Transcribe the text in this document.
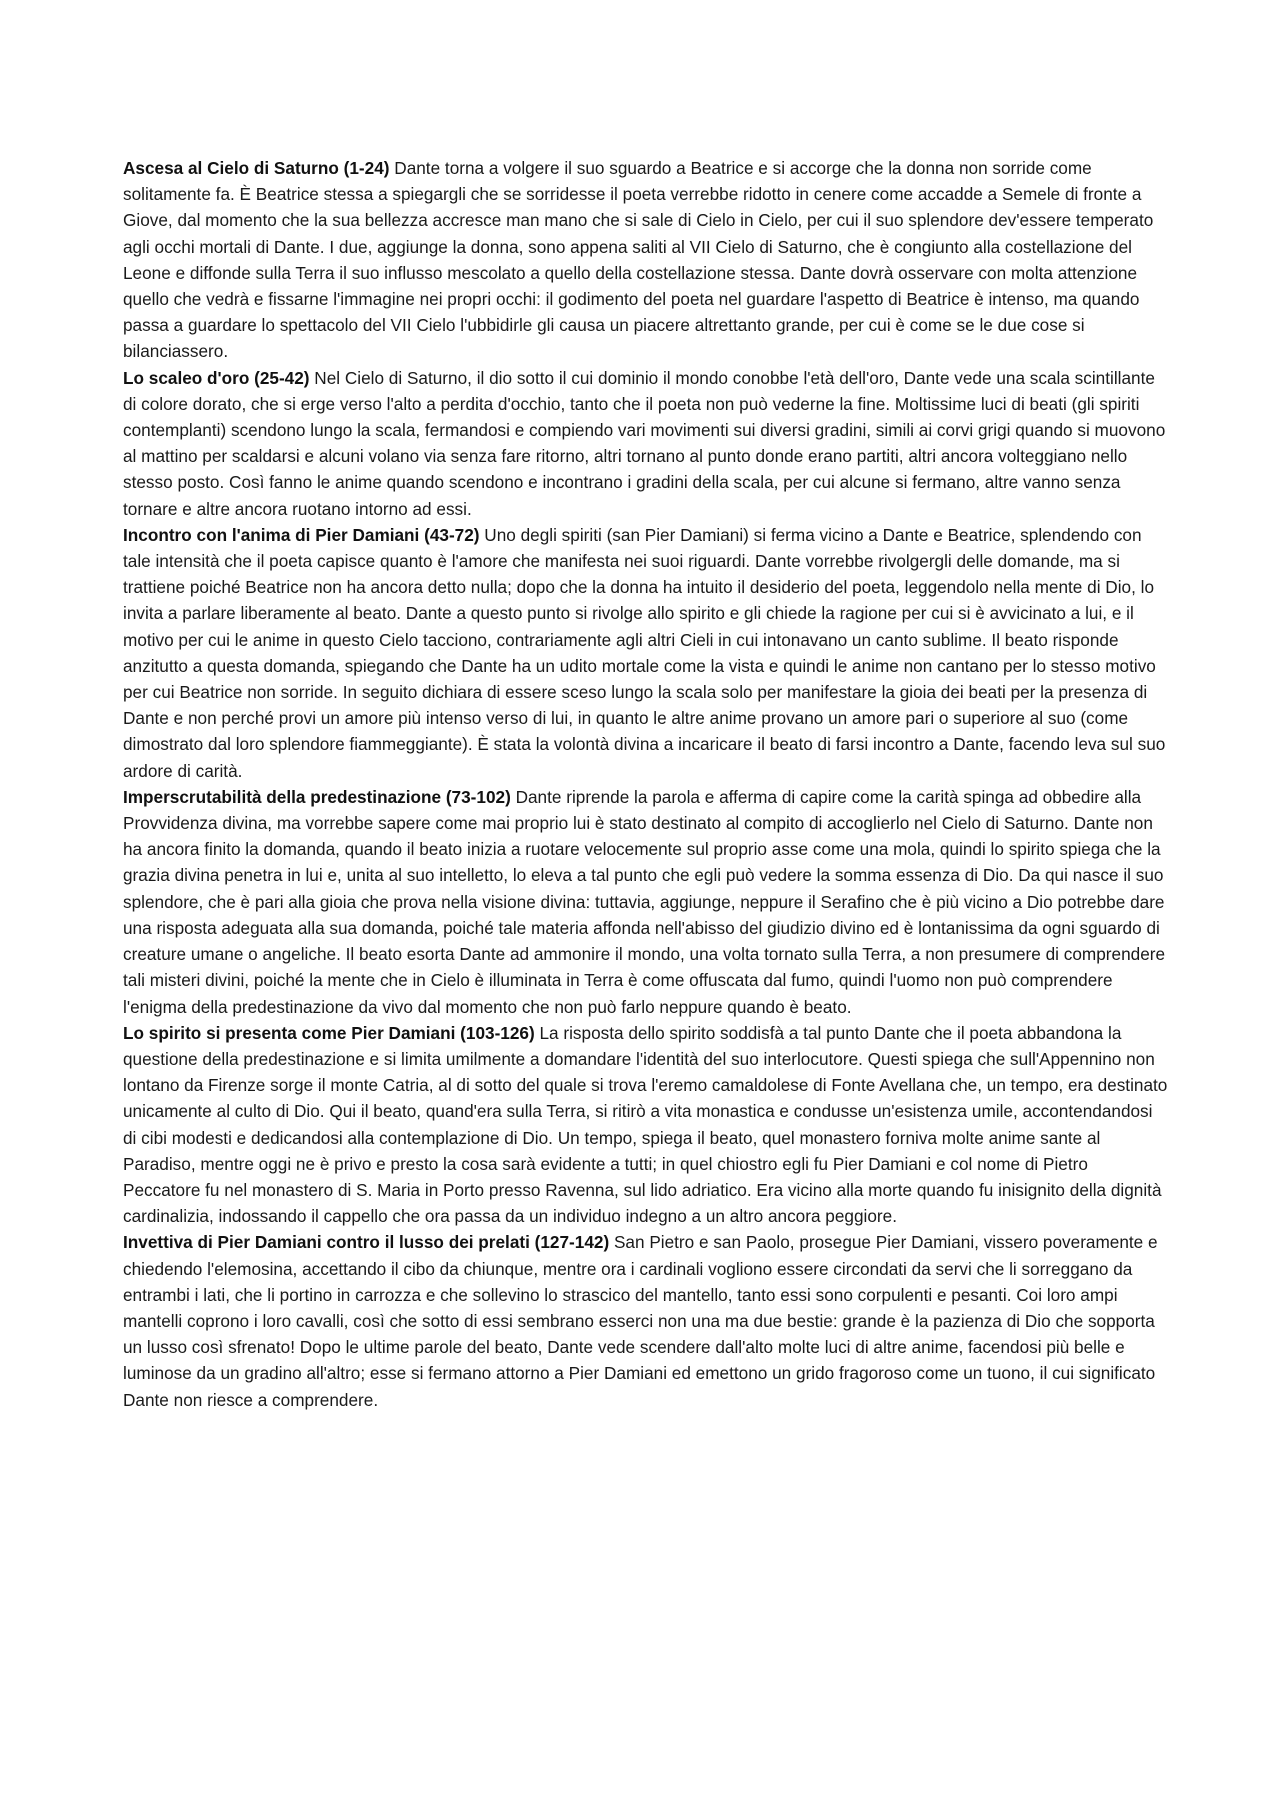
Ascesa al Cielo di Saturno (1-24) Dante torna a volgere il suo sguardo a Beatrice e si accorge che la donna non sorride come solitamente fa. È Beatrice stessa a spiegargli che se sorridesse il poeta verrebbe ridotto in cenere come accadde a Semele di fronte a Giove, dal momento che la sua bellezza accresce man mano che si sale di Cielo in Cielo, per cui il suo splendore dev'essere temperato agli occhi mortali di Dante. I due, aggiunge la donna, sono appena saliti al VII Cielo di Saturno, che è congiunto alla costellazione del Leone e diffonde sulla Terra il suo influsso mescolato a quello della costellazione stessa. Dante dovrà osservare con molta attenzione quello che vedrà e fissarne l'immagine nei propri occhi: il godimento del poeta nel guardare l'aspetto di Beatrice è intenso, ma quando passa a guardare lo spettacolo del VII Cielo l'ubbidirle gli causa un piacere altrettanto grande, per cui è come se le due cose si bilanciassero.

Lo scaleo d'oro (25-42) Nel Cielo di Saturno, il dio sotto il cui dominio il mondo conobbe l'età dell'oro, Dante vede una scala scintillante di colore dorato, che si erge verso l'alto a perdita d'occhio, tanto che il poeta non può vederne la fine. Moltissime luci di beati (gli spiriti contemplanti) scendono lungo la scala, fermandosi e compiendo vari movimenti sui diversi gradini, simili ai corvi grigi quando si muovono al mattino per scaldarsi e alcuni volano via senza fare ritorno, altri tornano al punto donde erano partiti, altri ancora volteggiano nello stesso posto. Così fanno le anime quando scendono e incontrano i gradini della scala, per cui alcune si fermano, altre vanno senza tornare e altre ancora ruotano intorno ad essi.

Incontro con l'anima di Pier Damiani (43-72) Uno degli spiriti (san Pier Damiani) si ferma vicino a Dante e Beatrice, splendendo con tale intensità che il poeta capisce quanto è l'amore che manifesta nei suoi riguardi. Dante vorrebbe rivolgergli delle domande, ma si trattiene poiché Beatrice non ha ancora detto nulla; dopo che la donna ha intuito il desiderio del poeta, leggendolo nella mente di Dio, lo invita a parlare liberamente al beato. Dante a questo punto si rivolge allo spirito e gli chiede la ragione per cui si è avvicinato a lui, e il motivo per cui le anime in questo Cielo tacciono, contrariamente agli altri Cieli in cui intonavano un canto sublime. Il beato risponde anzitutto a questa domanda, spiegando che Dante ha un udito mortale come la vista e quindi le anime non cantano per lo stesso motivo per cui Beatrice non sorride. In seguito dichiara di essere sceso lungo la scala solo per manifestare la gioia dei beati per la presenza di Dante e non perché provi un amore più intenso verso di lui, in quanto le altre anime provano un amore pari o superiore al suo (come dimostrato dal loro splendore fiammeggiante). È stata la volontà divina a incaricare il beato di farsi incontro a Dante, facendo leva sul suo ardore di carità.

Imperscrutabilità della predestinazione (73-102) Dante riprende la parola e afferma di capire come la carità spinga ad obbedire alla Provvidenza divina, ma vorrebbe sapere come mai proprio lui è stato destinato al compito di accoglierlo nel Cielo di Saturno. Dante non ha ancora finito la domanda, quando il beato inizia a ruotare velocemente sul proprio asse come una mola, quindi lo spirito spiega che la grazia divina penetra in lui e, unita al suo intelletto, lo eleva a tal punto che egli può vedere la somma essenza di Dio. Da qui nasce il suo splendore, che è pari alla gioia che prova nella visione divina: tuttavia, aggiunge, neppure il Serafino che è più vicino a Dio potrebbe dare una risposta adeguata alla sua domanda, poiché tale materia affonda nell'abisso del giudizio divino ed è lontanissima da ogni sguardo di creature umane o angeliche. Il beato esorta Dante ad ammonire il mondo, una volta tornato sulla Terra, a non presumere di comprendere tali misteri divini, poiché la mente che in Cielo è illuminata in Terra è come offuscata dal fumo, quindi l'uomo non può comprendere l'enigma della predestinazione da vivo dal momento che non può farlo neppure quando è beato.

Lo spirito si presenta come Pier Damiani (103-126) La risposta dello spirito soddisfà a tal punto Dante che il poeta abbandona la questione della predestinazione e si limita umilmente a domandare l'identità del suo interlocutore. Questi spiega che sull'Appennino non lontano da Firenze sorge il monte Catria, al di sotto del quale si trova l'eremo camaldolese di Fonte Avellana che, un tempo, era destinato unicamente al culto di Dio. Qui il beato, quand'era sulla Terra, si ritirò a vita monastica e condusse un'esistenza umile, accontendandosi di cibi modesti e dedicandosi alla contemplazione di Dio. Un tempo, spiega il beato, quel monastero forniva molte anime sante al Paradiso, mentre oggi ne è privo e presto la cosa sarà evidente a tutti; in quel chiostro egli fu Pier Damiani e col nome di Pietro Peccatore fu nel monastero di S. Maria in Porto presso Ravenna, sul lido adriatico. Era vicino alla morte quando fu inisignito della dignità cardinalizia, indossando il cappello che ora passa da un individuo indegno a un altro ancora peggiore.

Invettiva di Pier Damiani contro il lusso dei prelati (127-142) San Pietro e san Paolo, prosegue Pier Damiani, vissero poveramente e chiedendo l'elemosina, accettando il cibo da chiunque, mentre ora i cardinali vogliono essere circondati da servi che li sorreggano da entrambi i lati, che li portino in carrozza e che sollevino lo strascico del mantello, tanto essi sono corpulenti e pesanti. Coi loro ampi mantelli coprono i loro cavalli, così che sotto di essi sembrano esserci non una ma due bestie: grande è la pazienza di Dio che sopporta un lusso così sfrenato! Dopo le ultime parole del beato, Dante vede scendere dall'alto molte luci di altre anime, facendosi più belle e luminose da un gradino all'altro; esse si fermano attorno a Pier Damiani ed emettono un grido fragoroso come un tuono, il cui significato Dante non riesce a comprendere.
